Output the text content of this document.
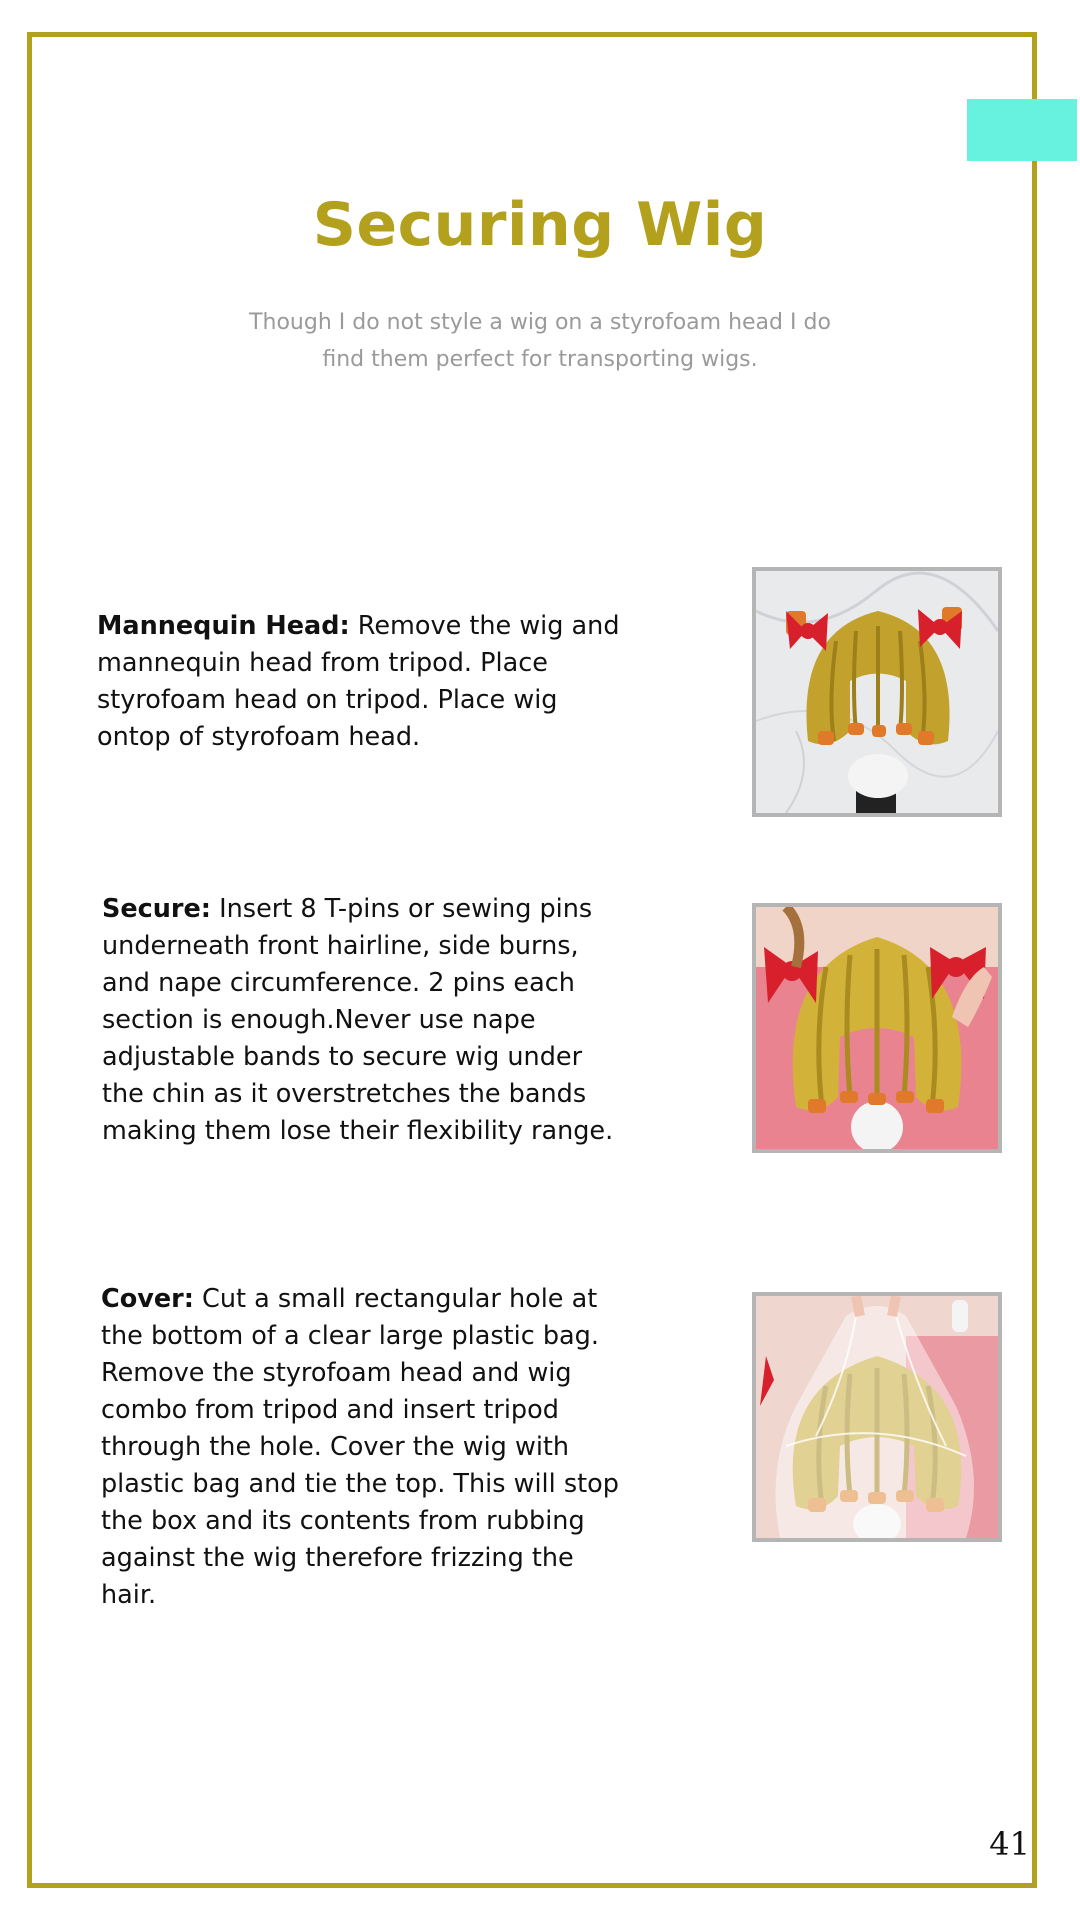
Securing Wig
Though I do not style a wig on a styrofoam head I do find them perfect for transporting wigs.
Mannequin Head: Remove the wig and mannequin head from tripod. Place styrofoam head on tripod. Place wig ontop of styrofoam head.
Secure: Insert 8 T-pins or sewing pins underneath front hairline, side burns, and nape circumference. 2 pins each section is enough.Never use nape adjustable bands to secure wig under the chin as it overstretches the bands making them lose their flexibility range.
Cover: Cut a small rectangular hole at the bottom of a clear large plastic bag. Remove the styrofoam head and wig combo from tripod and insert tripod through the hole. Cover the wig with plastic bag and tie the top. This will stop the box and its contents from rubbing against the wig therefore frizzing the hair.
41
